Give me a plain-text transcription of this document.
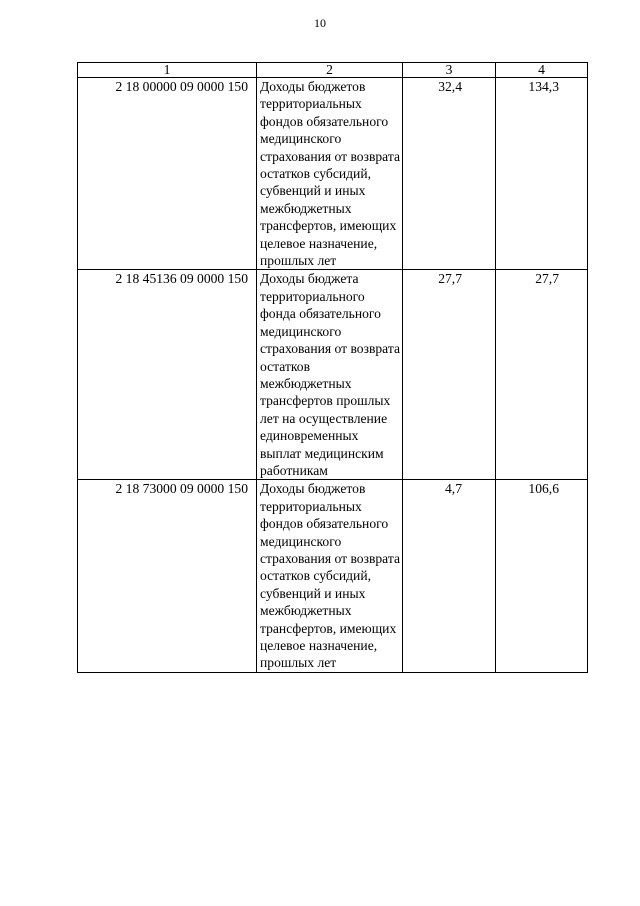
10
1	2	3	4
2 18 00000 09 0000 150	Доходы бюджетов территориальных фондов обязательного медицинского страхования от возврата остатков субсидий, субвенций и иных межбюджетных трансфертов, имеющих целевое назначение, прошлых лет	32,4	134,3
2 18 45136 09 0000 150	Доходы бюджета территориального фонда обязательного медицинского страхования от возврата остатков межбюджетных трансфертов прошлых лет на осуществление единовременных выплат медицинским работникам	27,7	27,7
2 18 73000 09 0000 150	Доходы бюджетов территориальных фондов обязательного медицинского страхования от возврата остатков субсидий, субвенций и иных межбюджетных трансфертов, имеющих целевое назначение, прошлых лет	4,7	106,6
